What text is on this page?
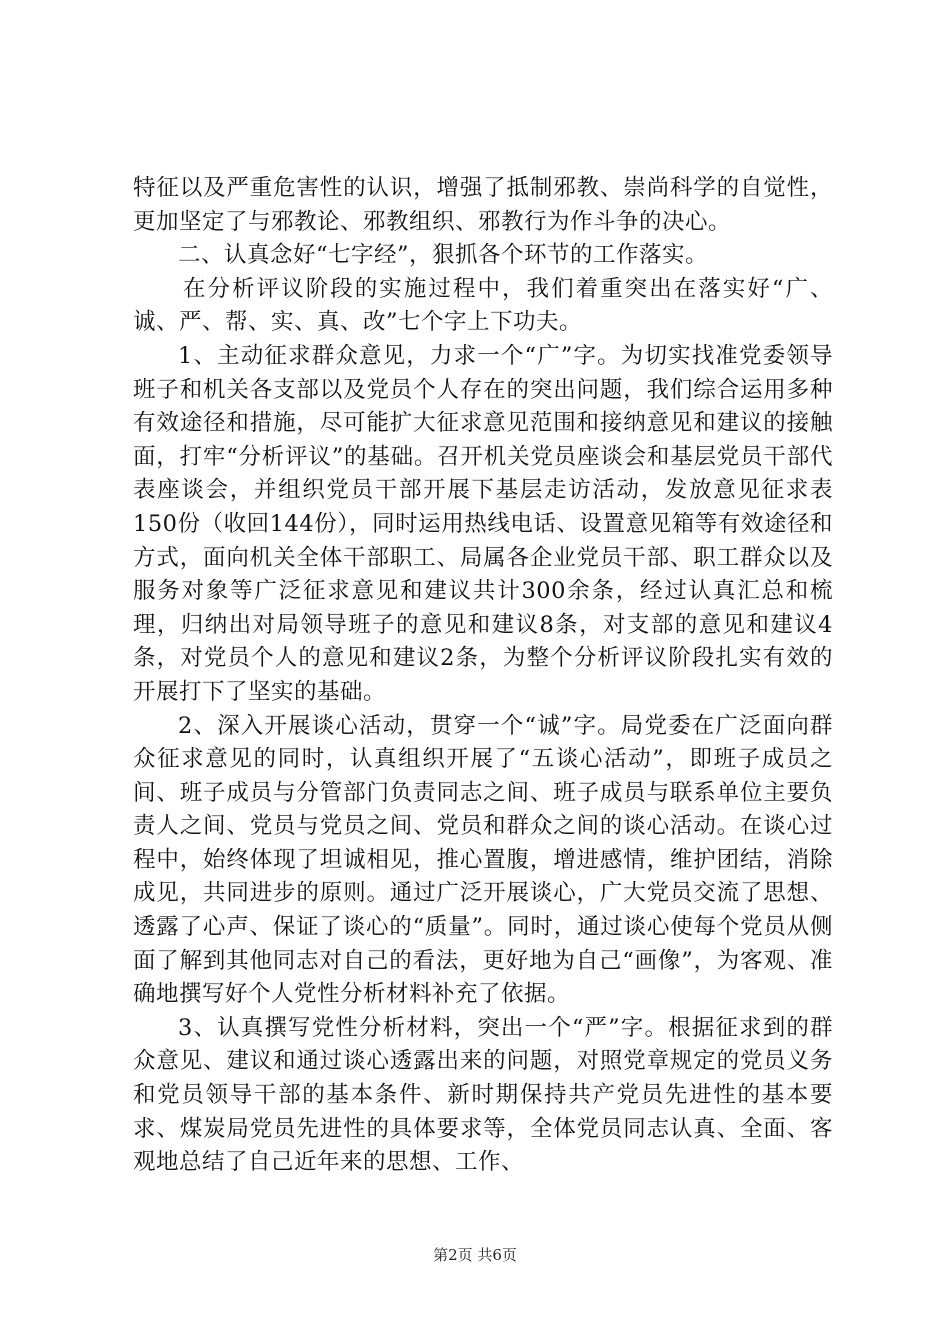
特征以及严重危害性的认识，增强了抵制邪教、崇尚科学的自觉性，更加坚定了与邪教论、邪教组织、邪教行为作斗争的决心。

二、认真念好“七字经”，狠抓各个环节的工作落实。

在分析评议阶段的实施过程中，我们着重突出在落实好“广、诚、严、帮、实、真、改”七个字上下功夫。

1、主动征求群众意见，力求一个“广”字。为切实找准党委领导班子和机关各支部以及党员个人存在的突出问题，我们综合运用多种有效途径和措施，尽可能扩大征求意见范围和接纳意见和建议的接触面，打牢“分析评议”的基础。召开机关党员座谈会和基层党员干部代表座谈会，并组织党员干部开展下基层走访活动，发放意见征求表150份（收回144份），同时运用热线电话、设置意见箱等有效途径和方式，面向机关全体干部职工、局属各企业党员干部、职工群众以及服务对象等广泛征求意见和建议共计300余条，经过认真汇总和梳理，归纳出对局领导班子的意见和建议8条，对支部的意见和建议4条，对党员个人的意见和建议2条，为整个分析评议阶段扎实有效的开展打下了坚实的基础。

2、深入开展谈心活动，贯穿一个“诚”字。局党委在广泛面向群众征求意见的同时，认真组织开展了“五谈心活动”，即班子成员之间、班子成员与分管部门负责同志之间、班子成员与联系单位主要负责人之间、党员与党员之间、党员和群众之间的谈心活动。在谈心过程中，始终体现了坦诚相见，推心置腹，增进感情，维护团结，消除成见，共同进步的原则。通过广泛开展谈心，广大党员交流了思想、透露了心声、保证了谈心的“质量”。同时，通过谈心使每个党员从侧面了解到其他同志对自己的看法，更好地为自己“画像”，为客观、准确地撰写好个人党性分析材料补充了依据。

3、认真撰写党性分析材料，突出一个“严”字。根据征求到的群众意见、建议和通过谈心透露出来的问题，对照党章规定的党员义务和党员领导干部的基本条件、新时期保持共产党员先进性的基本要求、煤炭局党员先进性的具体要求等，全体党员同志认真、全面、客观地总结了自己近年来的思想、工作、

第2页 共6页
